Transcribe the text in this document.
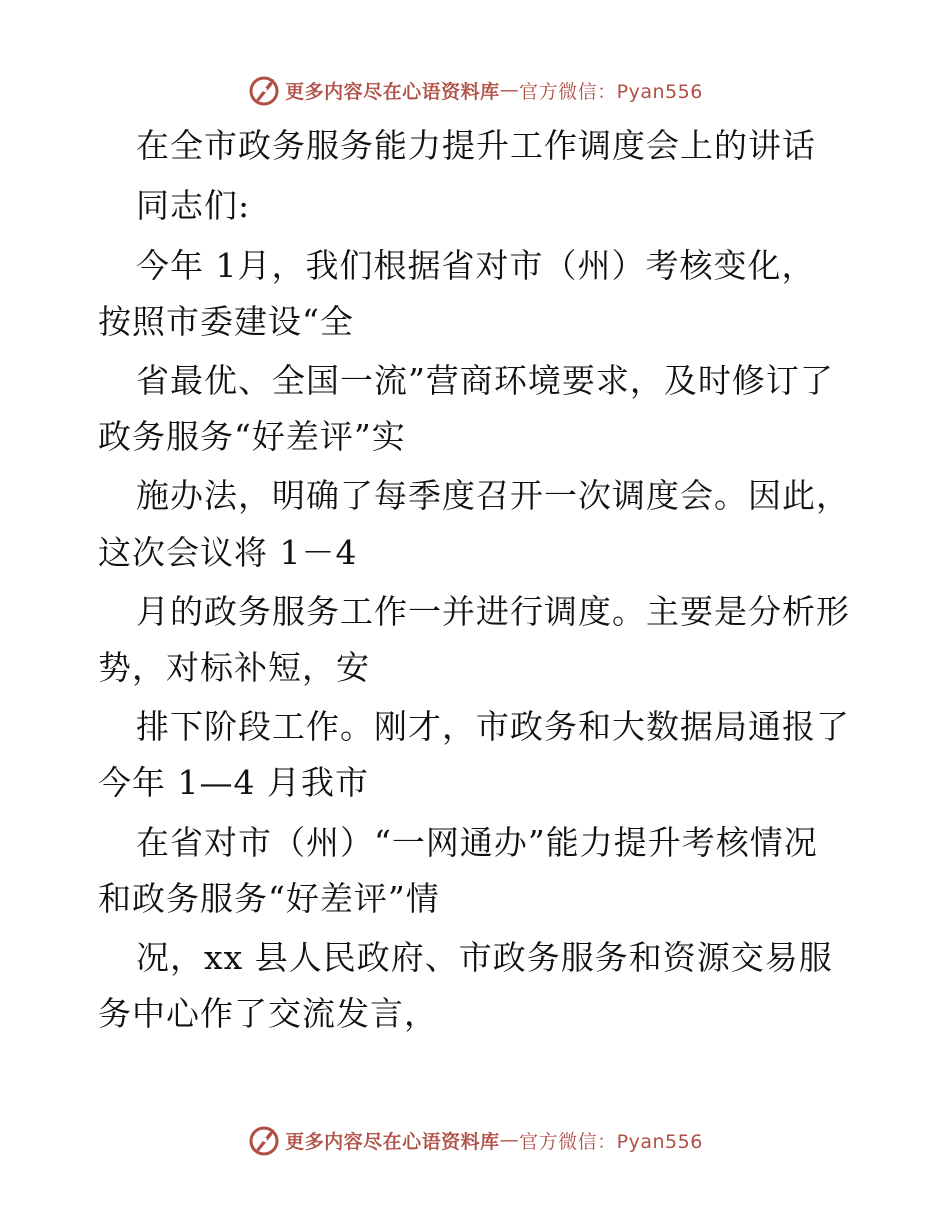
更多内容尽在心语资料库 — 官方微信：Pyan556
在全市政务服务能力提升工作调度会上的讲话
同志们:
今年 1月，我们根据省对市（州）考核变化，
按照市委建设“全
省最优、全国一流”营商环境要求，及时修订了
政务服务“好差评”实
施办法，明确了每季度召开一次调度会。因此，
这次会议将 1－4
月的政务服务工作一并进行调度。主要是分析形
势，对标补短，安
排下阶段工作。刚才，市政务和大数据局通报了
今年 1—4 月我市
在省对市（州）“一网通办”能力提升考核情况
和政务服务“好差评”情
况，xx 县人民政府、市政务服务和资源交易服
务中心作了交流发言，
更多内容尽在心语资料库 — 官方微信：Pyan556
